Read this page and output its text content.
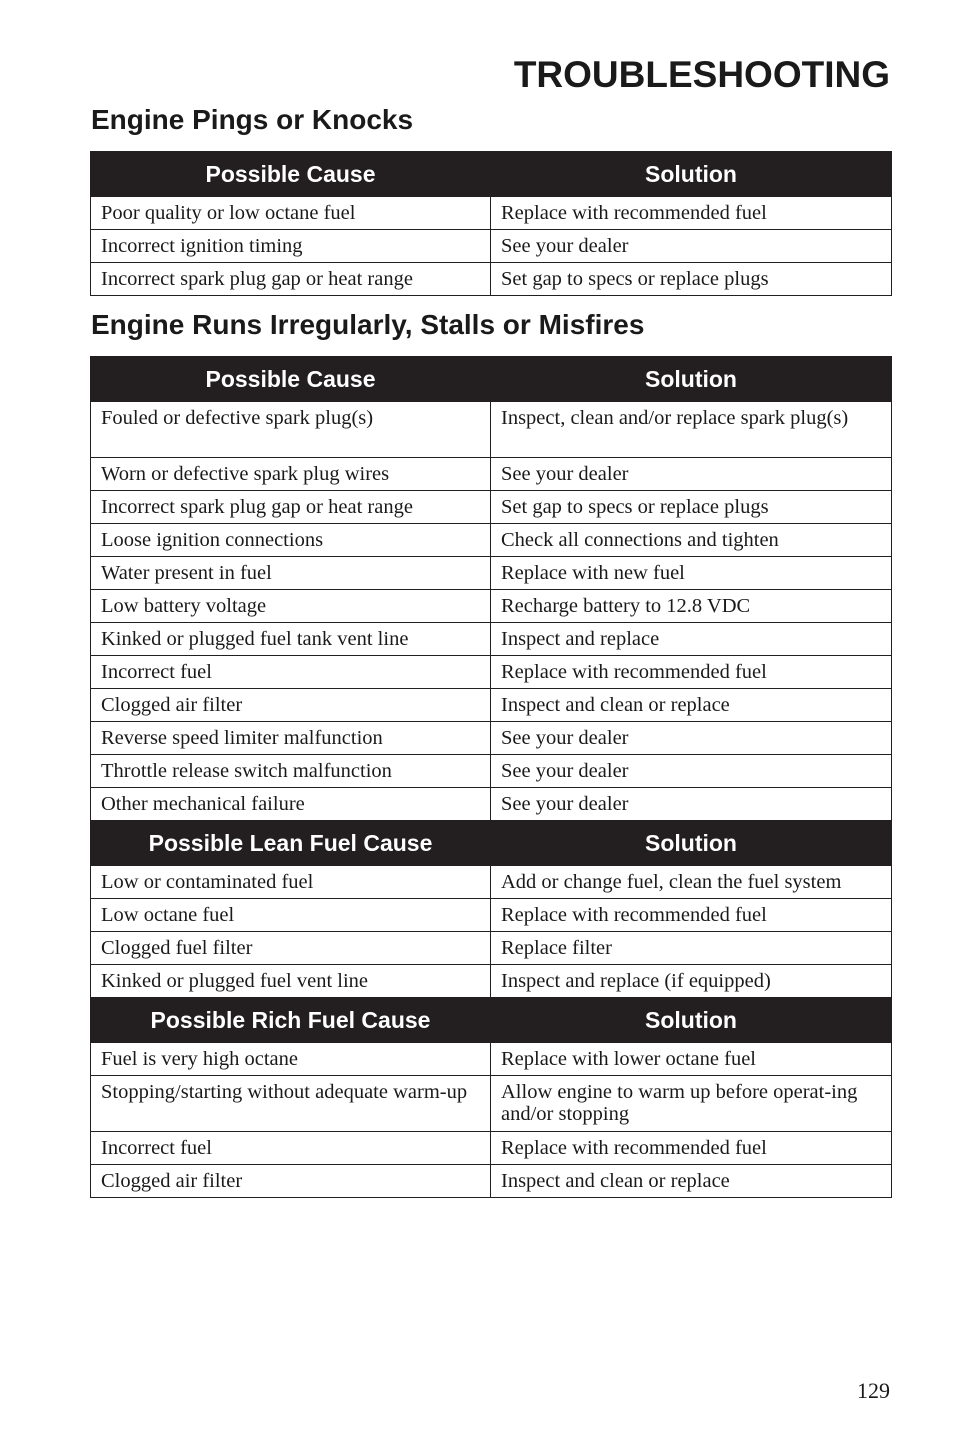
TROUBLESHOOTING
Engine Pings or Knocks
Possible Cause	Solution
Poor quality or low octane fuel	Replace with recommended fuel
Incorrect ignition timing	See your dealer
Incorrect spark plug gap or heat range	Set gap to specs or replace plugs
Engine Runs Irregularly, Stalls or Misfires
Possible Cause	Solution
Fouled or defective spark plug(s)	Inspect, clean and/or replace spark plug(s)
Worn or defective spark plug wires	See your dealer
Incorrect spark plug gap or heat range	Set gap to specs or replace plugs
Loose ignition connections	Check all connections and tighten
Water present in fuel	Replace with new fuel
Low battery voltage	Recharge battery to 12.8 VDC
Kinked or plugged fuel tank vent line	Inspect and replace
Incorrect fuel	Replace with recommended fuel
Clogged air filter	Inspect and clean or replace
Reverse speed limiter malfunction	See your dealer
Throttle release switch malfunction	See your dealer
Other mechanical failure	See your dealer
Possible Lean Fuel Cause	Solution
Low or contaminated fuel	Add or change fuel, clean the fuel system
Low octane fuel	Replace with recommended fuel
Clogged fuel filter	Replace filter
Kinked or plugged fuel vent line	Inspect and replace (if equipped)
Possible Rich Fuel Cause	Solution
Fuel is very high octane	Replace with lower octane fuel
Stopping/starting without adequate warm-up	Allow engine to warm up before operat-ing and/or stopping
Incorrect fuel	Replace with recommended fuel
Clogged air filter	Inspect and clean or replace
129
